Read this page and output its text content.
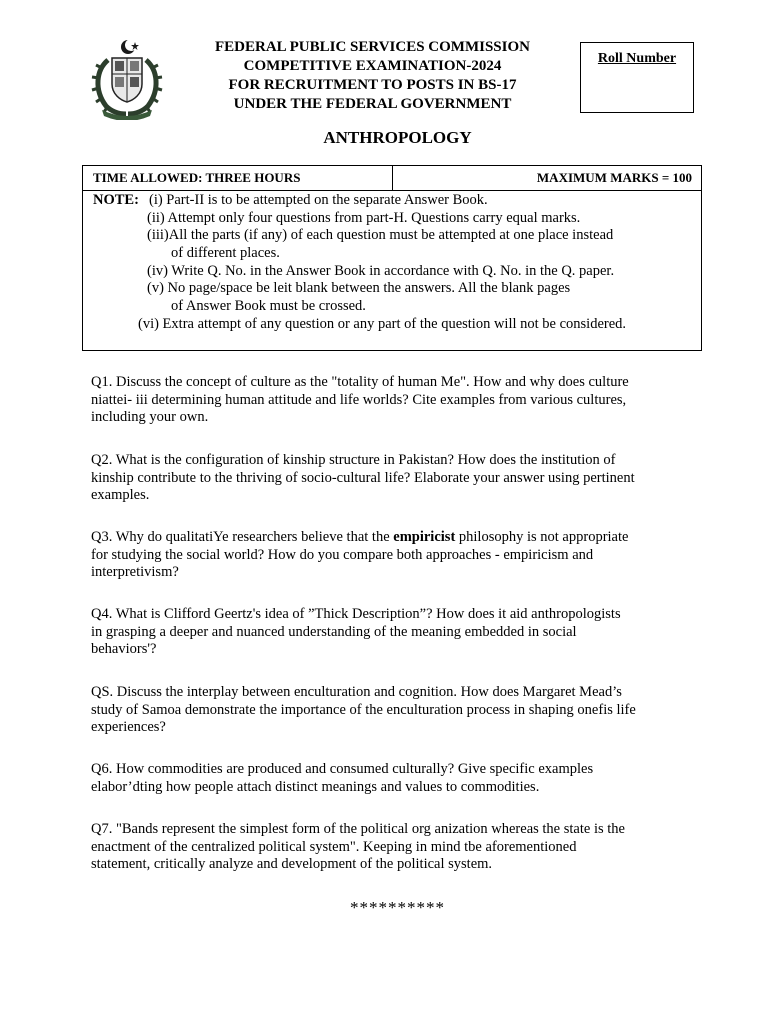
FEDERAL PUBLIC SERVICES COMMISSION
COMPETITIVE EXAMINATION-2024
FOR RECRUITMENT TO POSTS IN BS-17
UNDER THE FEDERAL GOVERNMENT
Roll Number
ANTHROPOLOGY
TIME ALLOWED: THREE HOURS	MAXIMUM MARKS = 100
NOTE: (i) Part-II is to be attempted on the separate Answer Book.
(ii) Attempt only four questions from part-H. Questions carry equal marks.
(iii)All the parts (if any) of each question must be attempted at one place instead
of different places.
(iv) Write Q. No. in the Answer Book in accordance with Q. No. in the Q. paper.
(v) No page/space be leit blank between the answers. All the blank pages
of Answer Book must be crossed.
(vi) Extra attempt of any question or any part of the question will not be considered.
Q1. Discuss the concept of culture as the "totality of human Me". How and why does culture
niattei- iii determining human attitude and life worlds? Cite examples from various cultures,
including your own.
Q2. What is the configuration of kinship structure in Pakistan? How does the institution of
kinship contribute to the thriving of socio-cultural life? Elaborate your answer using pertinent
examples.
Q3. Why do qualitatiYe researchers believe that the empiricist philosophy is not appropriate
for studying the social world? How do you compare both approaches - empiricism and
interpretivism?
Q4. What is Clifford Geertz's idea of ”Thick Description”? How does it aid anthropologists
in grasping a deeper and nuanced understanding of the meaning embedded in social
behaviors'?
QS. Discuss the interplay between enculturation and cognition. How does Margaret Mead’s
study of Samoa demonstrate the importance of the enculturation process in shaping onefis life
experiences?
Q6. How commodities are produced and consumed culturally? Give specific examples
elabor’dting how people attach distinct meanings and values to commodities.
Q7. "Bands represent the simplest form of the political org anization whereas the state is the
enactment of the centralized political system". Keeping in mind tbe aforementioned
statement, critically analyze and development of the political system.
**********
